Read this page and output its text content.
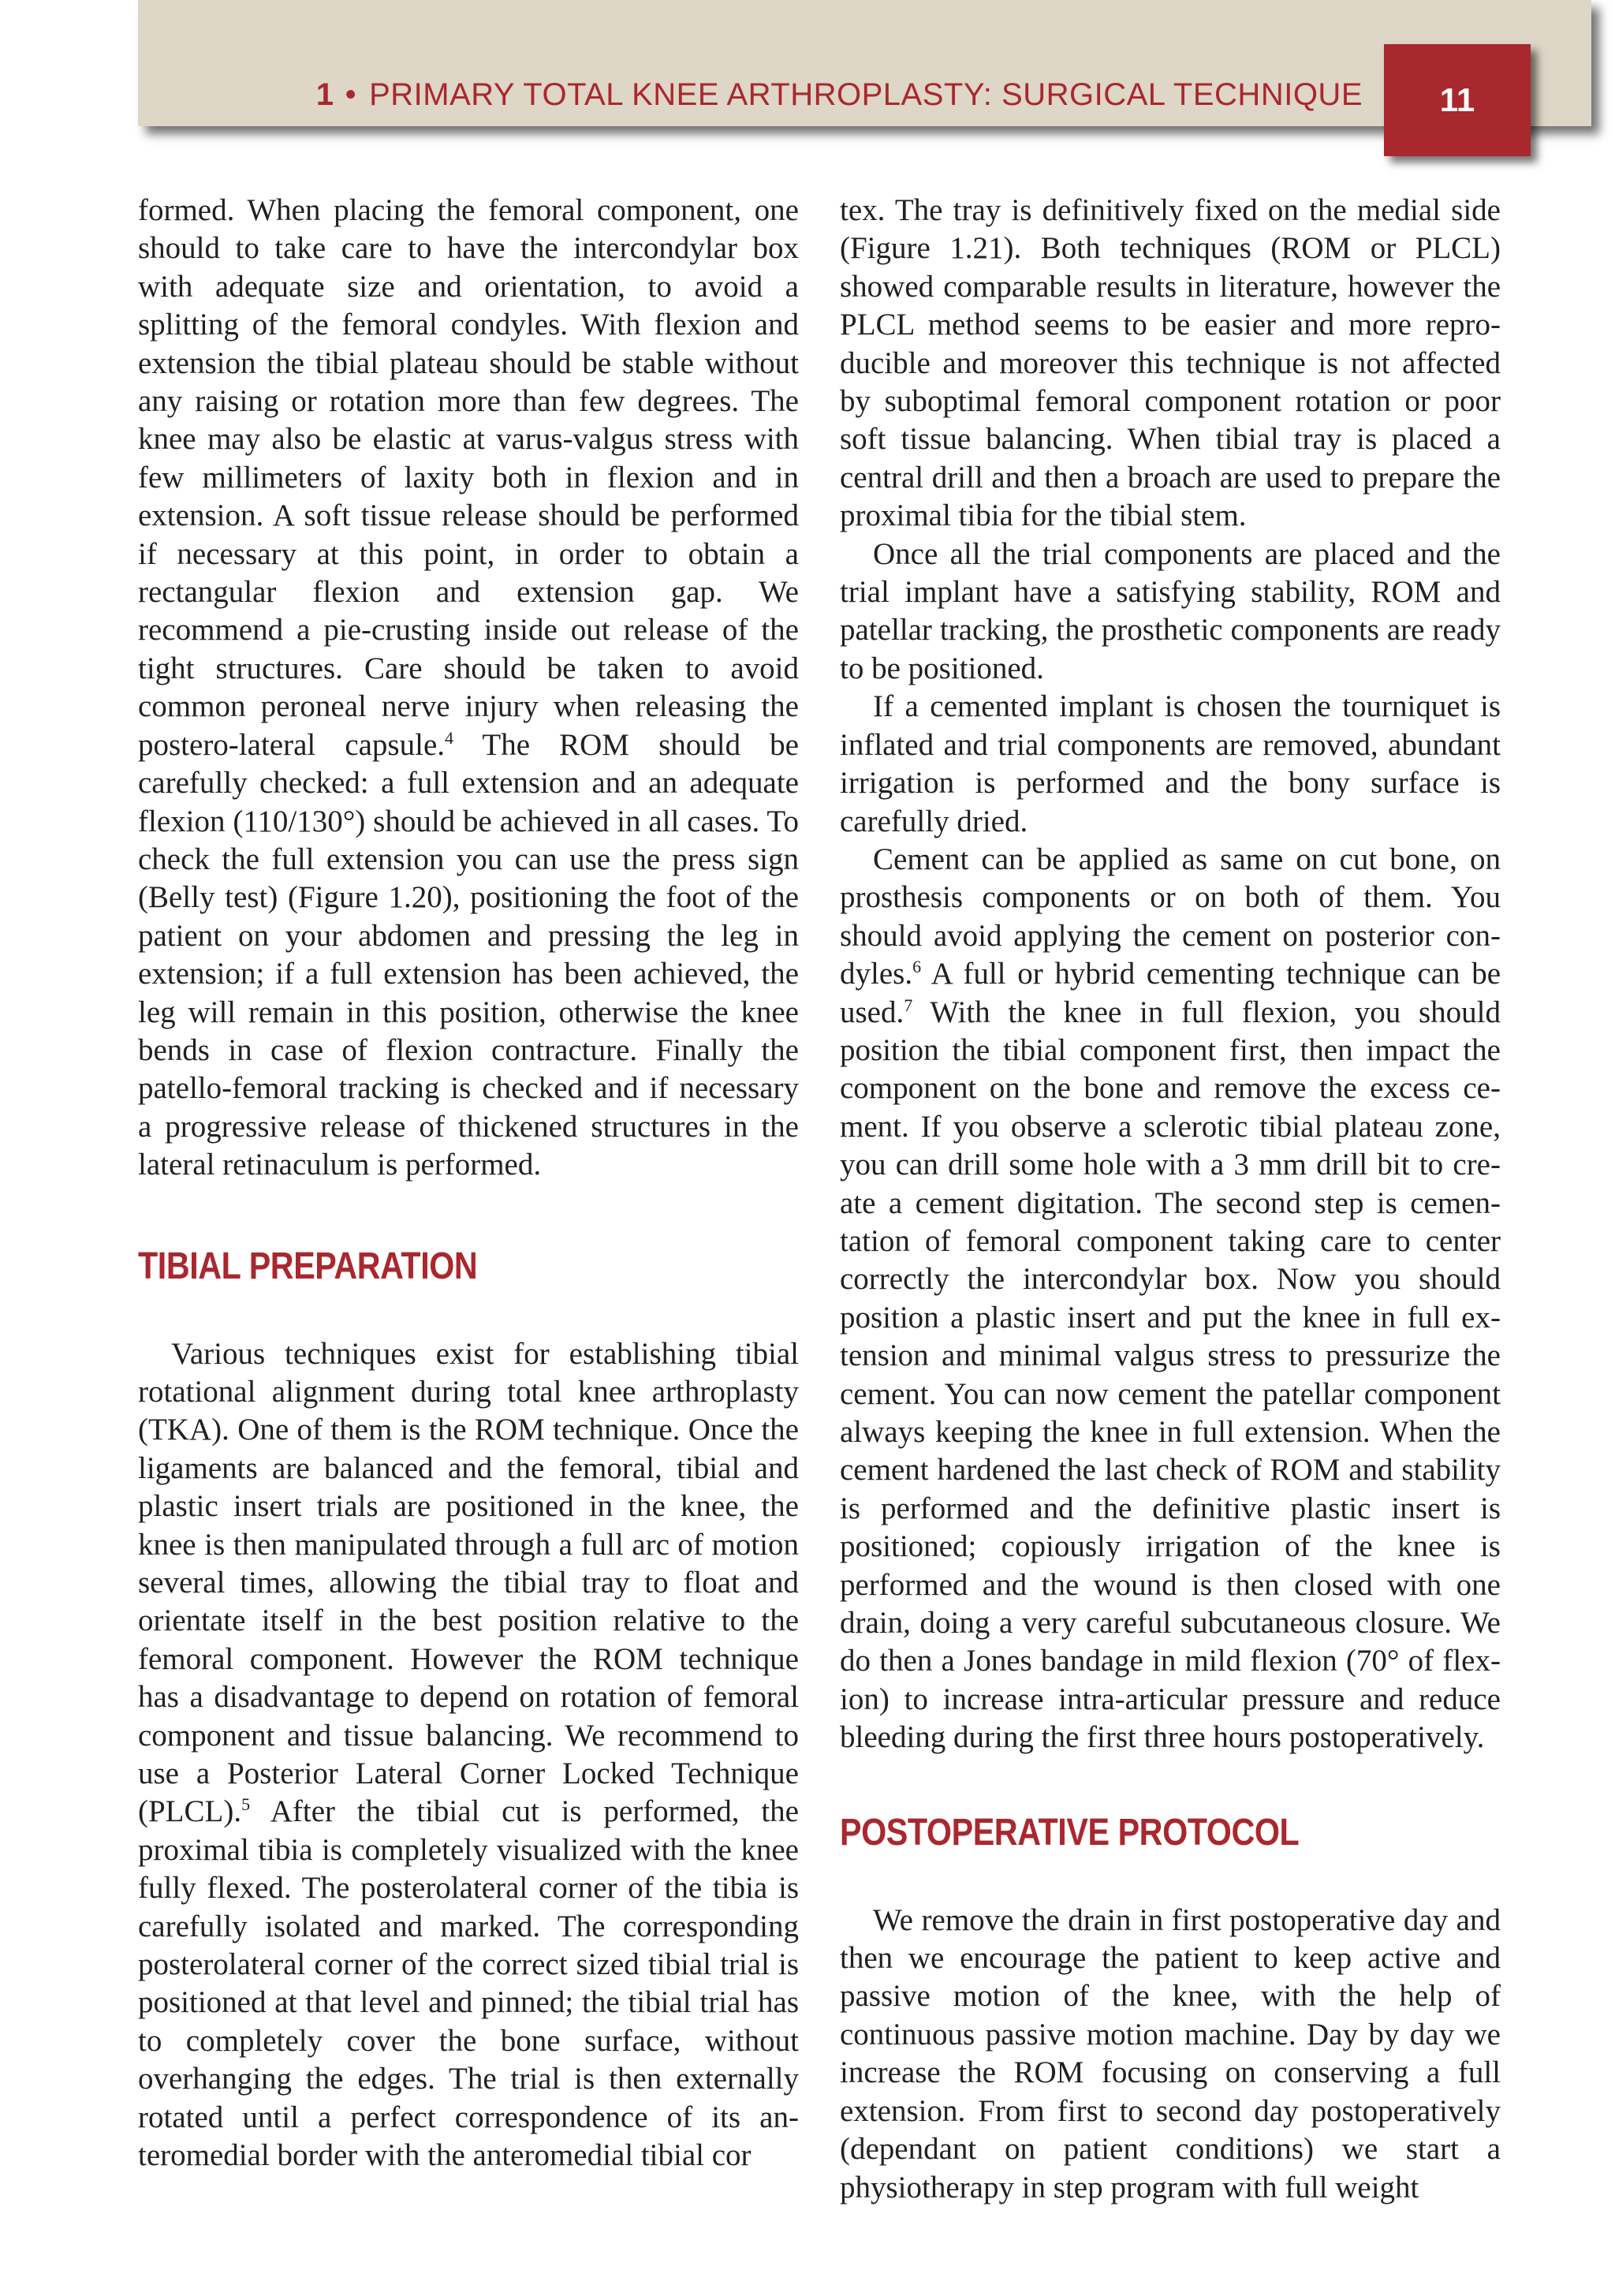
1 • PRIMARY TOTAL KNEE ARTHROPLASTY: SURGICAL TECHNIQUE 11

formed. When placing the femoral component, one should to take care to have the intercondylar box with adequate size and orientation, to avoid a splitting of the femoral condyles. With flexion and extension the tibial plateau should be stable without any raising or rotation more than few degrees. The knee may also be elastic at varus-valgus stress with few millimeters of laxity both in flexion and in extension. A soft tissue release should be performed if necessary at this point, in order to obtain a rectangular flexion and extension gap. We recommend a pie-crusting inside out release of the tight structures. Care should be taken to avoid common peroneal nerve injury when releasing the postero-lateral capsule.$^4$ The ROM should be carefully checked: a full extension and an adequate flexion (110/130°) should be achieved in all cases. To check the full extension you can use the press sign (Belly test) (Figure 1.20), positioning the foot of the patient on your abdomen and pressing the leg in extension; if a full extension has been achieved, the leg will remain in this position, otherwise the knee bends in case of flexion contracture. Finally the patello-femoral tracking is checked and if necessary a progressive release of thickened structures in the lateral retinaculum is performed.

TIBIAL PREPARATION

Various techniques exist for establishing tibial rotational alignment during total knee arthroplasty (TKA). One of them is the ROM technique. Once the ligaments are balanced and the femoral, tibial and plastic insert trials are positioned in the knee, the knee is then manipulated through a full arc of motion several times, allowing the tibial tray to float and orientate itself in the best position relative to the femoral component. However the ROM technique has a disadvantage to depend on rotation of femoral component and tissue balancing. We recommend to use a Posterior Lateral Corner Locked Technique (PLCL).$^5$ After the tibial cut is performed, the proximal tibia is completely visualized with the knee fully flexed. The posterolateral corner of the tibia is carefully isolated and marked. The corresponding posterolateral corner of the correct sized tibial trial is positioned at that level and pinned; the tibial trial has to completely cover the bone surface, without overhanging the edges. The trial is then externally rotated until a perfect correspondence of its anteromedial border with the anteromedial tibial cor

tex. The tray is definitively fixed on the medial side (Figure 1.21). Both techniques (ROM or PLCL) showed comparable results in literature, however the PLCL method seems to be easier and more reproducible and moreover this technique is not affected by suboptimal femoral component rotation or poor soft tissue balancing. When tibial tray is placed a central drill and then a broach are used to prepare the proximal tibia for the tibial stem.

Once all the trial components are placed and the trial implant have a satisfying stability, ROM and patellar tracking, the prosthetic components are ready to be positioned.

If a cemented implant is chosen the tourniquet is inflated and trial components are removed, abundant irrigation is performed and the bony surface is carefully dried.

Cement can be applied as same on cut bone, on prosthesis components or on both of them. You should avoid applying the cement on posterior condyles.$^6$ A full or hybrid cementing technique can be used.$^7$ With the knee in full flexion, you should position the tibial component first, then impact the component on the bone and remove the excess cement. If you observe a sclerotic tibial plateau zone, you can drill some hole with a 3 mm drill bit to create a cement digitation. The second step is cementation of femoral component taking care to center correctly the intercondylar box. Now you should position a plastic insert and put the knee in full extension and minimal valgus stress to pressurize the cement. You can now cement the patellar component always keeping the knee in full extension. When the cement hardened the last check of ROM and stability is performed and the definitive plastic insert is positioned; copiously irrigation of the knee is performed and the wound is then closed with one drain, doing a very careful subcutaneous closure. We do then a Jones bandage in mild flexion (70° of flexion) to increase intra-articular pressure and reduce bleeding during the first three hours postoperatively.

POSTOPERATIVE PROTOCOL

We remove the drain in first postoperative day and then we encourage the patient to keep active and passive motion of the knee, with the help of continuous passive motion machine. Day by day we increase the ROM focusing on conserving a full extension. From first to second day postoperatively (dependant on patient conditions) we start a physiotherapy in step program with full weight
